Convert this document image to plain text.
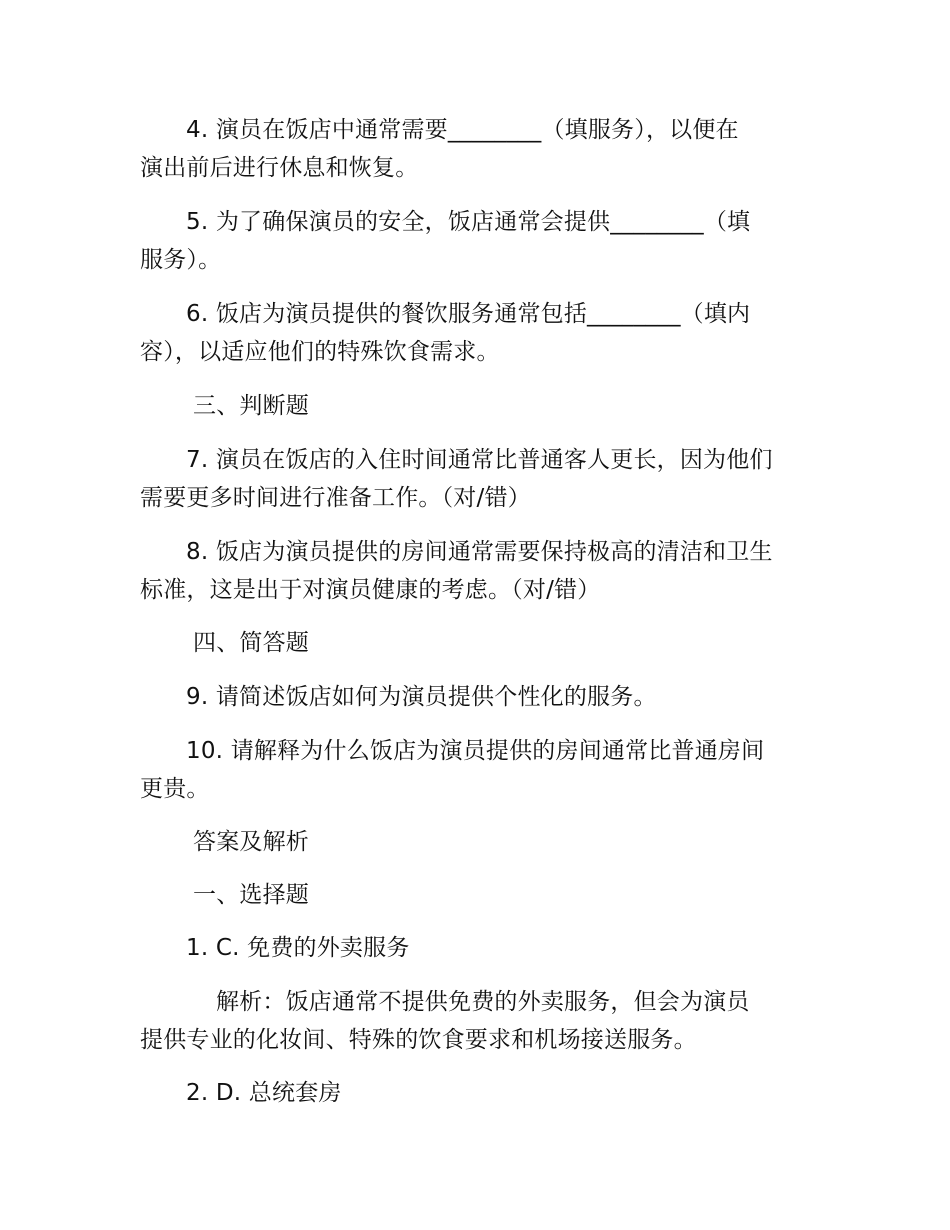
4. 演员在饭店中通常需要________（填服务），以便在
演出前后进行休息和恢复。
5. 为了确保演员的安全，饭店通常会提供________（填
服务）。
6. 饭店为演员提供的餐饮服务通常包括________（填内
容），以适应他们的特殊饮食需求。
三、判断题
7. 演员在饭店的入住时间通常比普通客人更长，因为他们
需要更多时间进行准备工作。（对/错）
8. 饭店为演员提供的房间通常需要保持极高的清洁和卫生
标准，这是出于对演员健康的考虑。（对/错）
四、简答题
9. 请简述饭店如何为演员提供个性化的服务。
10. 请解释为什么饭店为演员提供的房间通常比普通房间
更贵。
答案及解析
一、选择题
1. C. 免费的外卖服务
解析：饭店通常不提供免费的外卖服务，但会为演员
提供专业的化妆间、特殊的饮食要求和机场接送服务。
2. D. 总统套房
